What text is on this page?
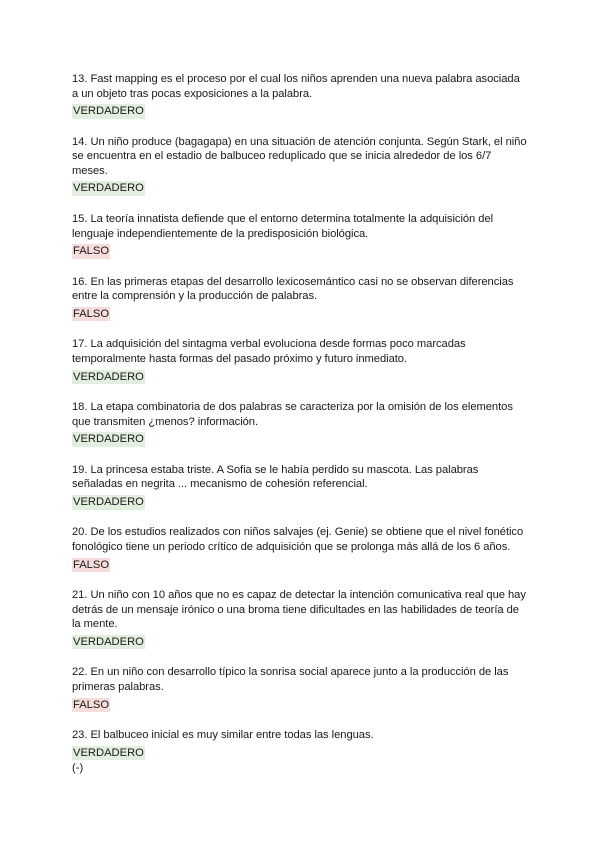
13. Fast mapping es el proceso por el cual los niños aprenden una nueva palabra asociada
a un objeto tras pocas exposiciones a la palabra.
VERDADERO
14. Un niño produce (bagagapa) en una situación de atención conjunta. Según Stark, el niño
se encuentra en el estadio de balbuceo reduplicado que se inicia alrededor de los 6/7
meses.
VERDADERO
15. La teoría innatista defiende que el entorno determina totalmente la adquisición del
lenguaje independientemente de la predisposición biológica.
FALSO
16. En las primeras etapas del desarrollo lexicosemántico casi no se observan diferencias
entre la comprensión y la producción de palabras.
FALSO
17. La adquisición del sintagma verbal evoluciona desde formas poco marcadas
temporalmente hasta formas del pasado próximo y futuro inmediato.
VERDADERO
18. La etapa combinatoria de dos palabras se caracteriza por la omisión de los elementos
que transmiten ¿menos? información.
VERDADERO
19. La princesa estaba triste. A Sofia se le había perdido su mascota. Las palabras
señaladas en negrita ... mecanismo de cohesión referencial.
VERDADERO
20. De los estudios realizados con niños salvajes (ej. Genie) se obtiene que el nivel fonético
fonológico tiene un periodo crítico de adquisición que se prolonga más allá de los 6 años.
FALSO
21. Un niño con 10 años que no es capaz de detectar la intención comunicativa real que hay
detrás de un mensaje irónico o una broma tiene dificultades en las habilidades de teoría de
la mente.
VERDADERO
22. En un niño con desarrollo típico la sonrisa social aparece junto a la producción de las
primeras palabras.
FALSO
23. El balbuceo inicial es muy similar entre todas las lenguas.
VERDADERO
(-)
